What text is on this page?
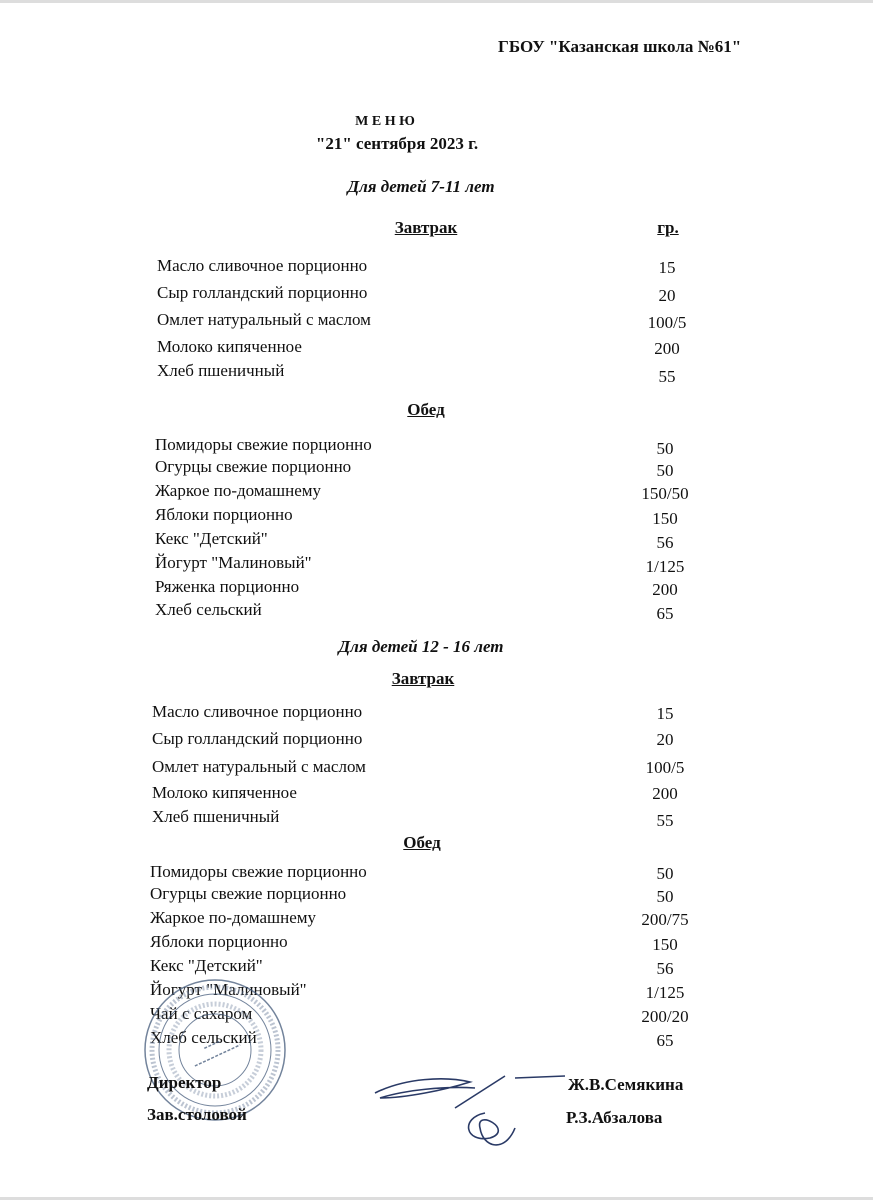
ГБОУ "Казанская школа №61"
М Е Н Ю
"21" сентября 2023 г.
Для детей 7-11 лет
Завтрак	гр.
Масло сливочное порционно	15
Сыр голландский порционно	20
Омлет натуральный с маслом	100/5
Молоко кипяченное	200
Хлеб пшеничный	55
Обед
Помидоры свежие порционно	50
Огурцы свежие порционно	50
Жаркое по-домашнему	150/50
Яблоки порционно	150
Кекс "Детский"	56
Йогурт "Малиновый"	1/125
Ряженка порционно	200
Хлеб сельский	65
Для детей 12 - 16 лет
Завтрак
Масло сливочное порционно	15
Сыр голландский порционно	20
Омлет натуральный с маслом	100/5
Молоко кипяченное	200
Хлеб пшеничный	55
Обед
Помидоры свежие порционно	50
Огурцы свежие порционно	50
Жаркое по-домашнему	200/75
Яблоки порционно	150
Кекс "Детский"	56
Йогурт "Малиновый"	1/125
Чай с сахаром	200/20
Хлеб сельский	65
Директор	Ж.В.Семякина
Зав.столовой	Р.З.Абзалова
